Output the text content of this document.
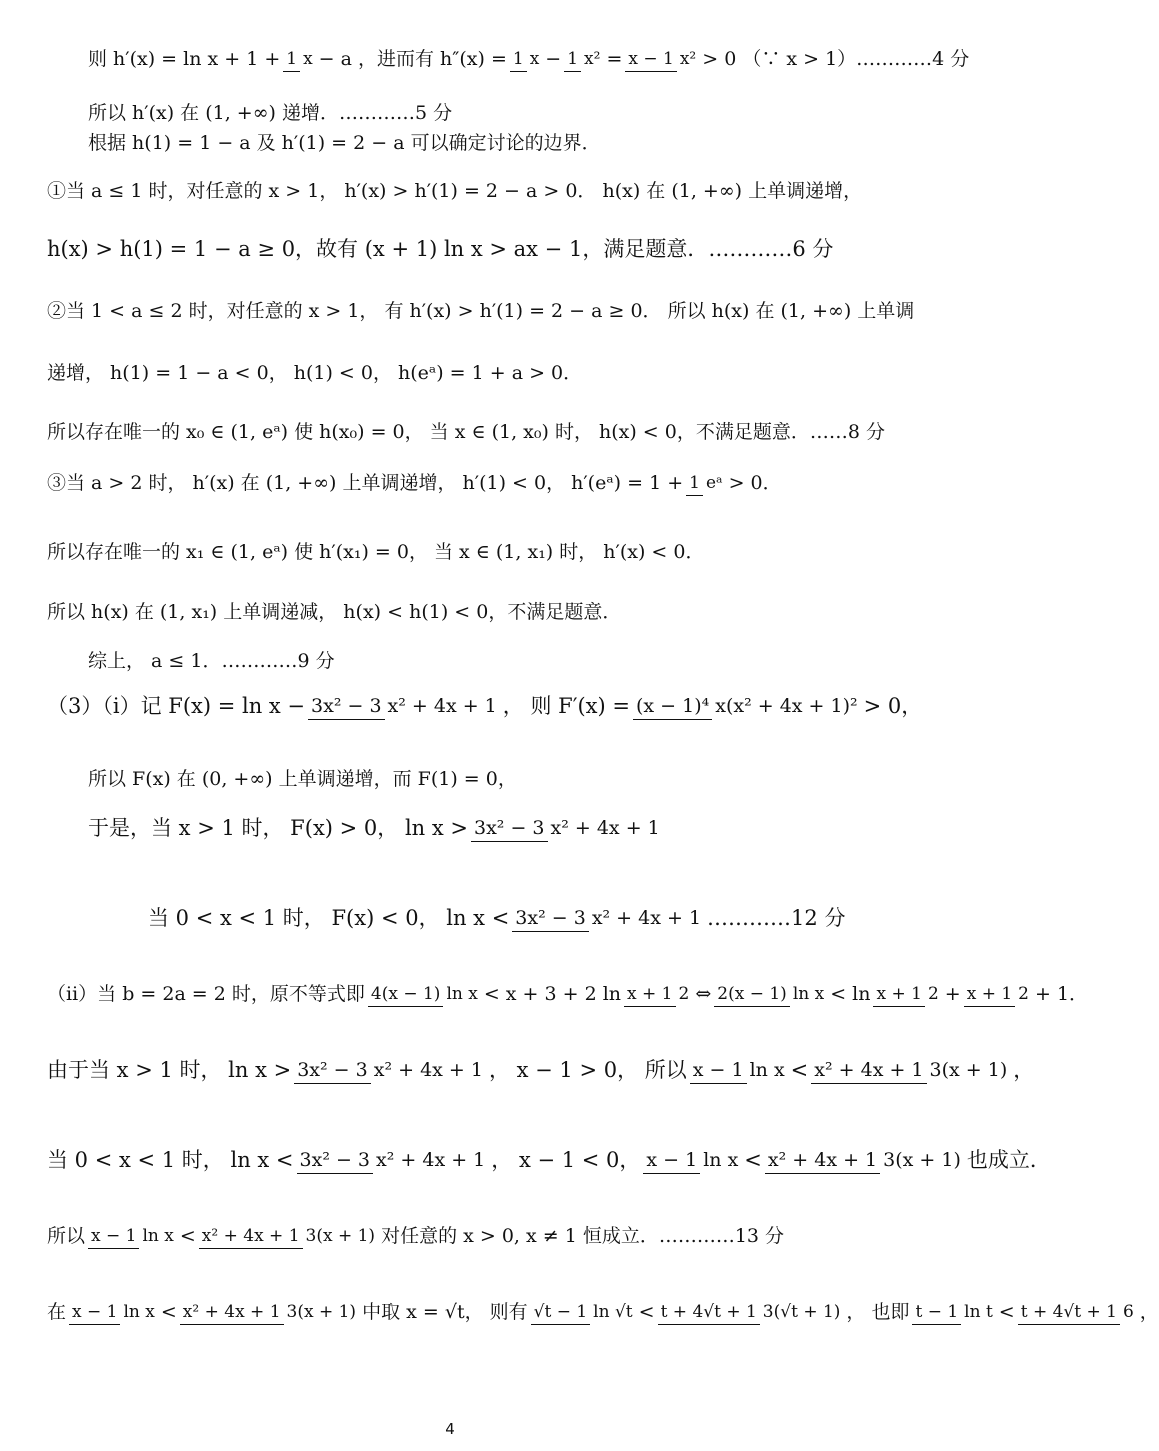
则 h′(x) = ln x + 1 + 1 x − a ，进而有 h″(x) = 1 x − 1 x² = x − 1 x² > 0 （∵ x > 1）…………4 分
所以 h′(x) 在 (1, +∞) 递增．…………5 分
根据 h(1) = 1 − a 及 h′(1) = 2 − a 可以确定讨论的边界．
①当 a ≤ 1 时，对任意的 x > 1， h′(x) > h′(1) = 2 − a > 0． h(x) 在 (1, +∞) 上单调递增，
h(x) > h(1) = 1 − a ≥ 0，故有 (x + 1) ln x > ax − 1，满足题意．…………6 分
②当 1 < a ≤ 2 时，对任意的 x > 1， 有 h′(x) > h′(1) = 2 − a ≥ 0． 所以 h(x) 在 (1, +∞) 上单调
递增， h(1) = 1 − a < 0， h(1) < 0， h(eᵃ) = 1 + a > 0．
所以存在唯一的 x₀ ∈ (1, eᵃ) 使 h(x₀) = 0， 当 x ∈ (1, x₀) 时， h(x) < 0，不满足题意．……8 分
③当 a > 2 时， h′(x) 在 (1, +∞) 上单调递增， h′(1) < 0， h′(eᵃ) = 1 + 1 eᵃ > 0．
所以存在唯一的 x₁ ∈ (1, eᵃ) 使 h′(x₁) = 0， 当 x ∈ (1, x₁) 时， h′(x) < 0．
所以 h(x) 在 (1, x₁) 上单调递减， h(x) < h(1) < 0，不满足题意．
综上， a ≤ 1．…………9 分
（3）（ⅰ）记 F(x) = ln x − 3x² − 3 x² + 4x + 1 ， 则 F′(x) = (x − 1)⁴ x(x² + 4x + 1)² > 0，
所以 F(x) 在 (0, +∞) 上单调递增，而 F(1) = 0，
于是，当 x > 1 时， F(x) > 0， ln x > 3x² − 3 x² + 4x + 1
当 0 < x < 1 时， F(x) < 0， ln x < 3x² − 3 x² + 4x + 1 …………12 分
（ⅱ）当 b = 2a = 2 时，原不等式即 4(x − 1) ln x < x + 3 + 2 ln x + 1 2 ⇔ 2(x − 1) ln x < ln x + 1 2 + x + 1 2 + 1．
由于当 x > 1 时， ln x > 3x² − 3 x² + 4x + 1 ， x − 1 > 0， 所以 x − 1 ln x < x² + 4x + 1 3(x + 1) ，
当 0 < x < 1 时， ln x < 3x² − 3 x² + 4x + 1 ， x − 1 < 0， x − 1 ln x < x² + 4x + 1 3(x + 1) 也成立．
所以 x − 1 ln x < x² + 4x + 1 3(x + 1) 对任意的 x > 0, x ≠ 1 恒成立．…………13 分
在 x − 1 ln x < x² + 4x + 1 3(x + 1) 中取 x = √t， 则有 √t − 1 ln √t < t + 4√t + 1 3(√t + 1) ， 也即 t − 1 ln t < t + 4√t + 1 6 ，
4
